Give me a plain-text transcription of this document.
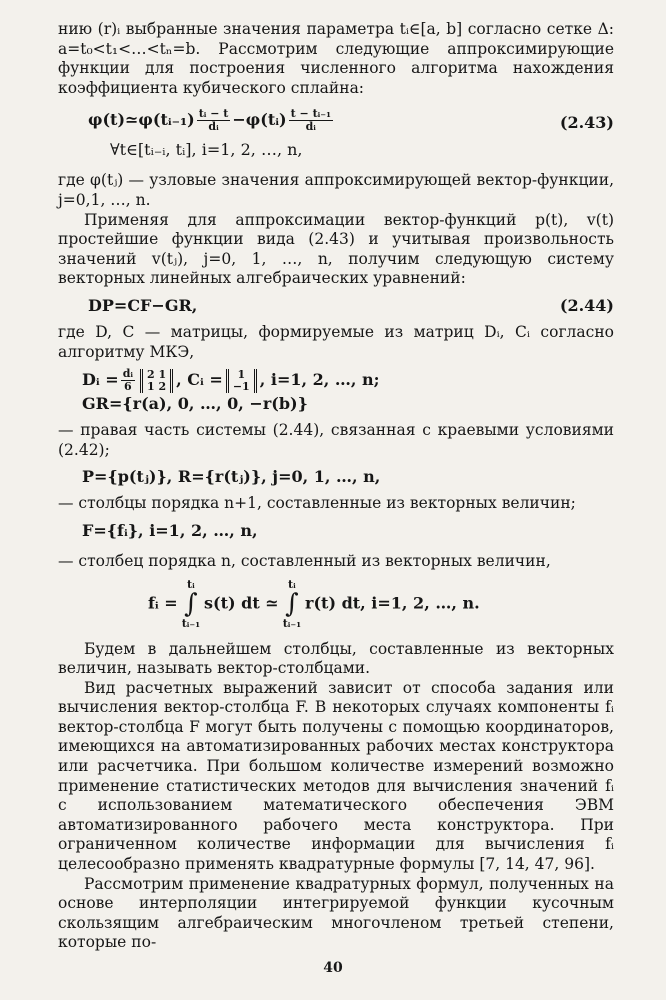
нию (r)ᵢ выбранные значения параметра tᵢ∈[a, b] согласно сетке Δ: a=t₀<t₁<…<tₙ=b. Рассмотрим следующие аппроксимирующие функции для построения численного алгоритма нахождения коэффициента кубического сплайна:

φ(t)≃φ(tᵢ₋₁) $\frac{\text{tᵢ − t}}{\text{dᵢ}}$ −φ(tᵢ) $\frac{\text{t − tᵢ₋₁}}{\text{dᵢ}}$	(2.43)
∀t∈[tᵢ₋ᵢ, tᵢ], i=1, 2, …, n,

где φ(tⱼ) — узловые значения аппроксимирующей вектор-функции, j=0,1, …, n.

Применяя для аппроксимации вектор-функций p(t), v(t) простейшие функции вида (2.43) и учитывая произвольность значений v(tⱼ), j=0, 1, …, n, получим следующую систему векторных линейных алгебраических уравнений:

DP=CF−GR,	(2.44)

где D, C — матрицы, формируемые из матриц Dᵢ, Cᵢ согласно алгоритму МКЭ,

Dᵢ = $\frac{\text{dᵢ}}{6} 2$ 1
1 2 , Cᵢ =	1
−1 , i=1, 2, …, n;
GR={r(a), 0, …, 0, −r(b)}

— правая часть системы (2.44), связанная с краевыми условиями (2.42);

P={p(tⱼ)}, R={r(tⱼ)}, j=0, 1, …, n,

— столбцы порядка n+1, составленные из векторных величин;

F={fᵢ}, i=1, 2, …, n,

— столбец порядка n, составленный из векторных величин,

fᵢ =tᵢ
∫
tᵢ₋₁s(t) dt ≃tᵢ
∫
tᵢ₋₁r(t) dt, i=1, 2, …, n.

Будем в дальнейшем столбцы, составленные из векторных величин, называть вектор-столбцами.

Вид расчетных выражений зависит от способа задания или вычисления вектор-столбца F. В некоторых случаях компоненты fᵢ вектор-столбца F могут быть получены с помощью координаторов, имеющихся на автоматизированных рабочих местах конструктора или расчетчика. При большом количестве измерений возможно применение статистических методов для вычисления значений fᵢ с использованием математического обеспечения ЭВМ автоматизированного рабочего места конструктора. При ограниченном количестве информации для вычисления fᵢ целесообразно применять квадратурные формулы [7, 14, 47, 96].

Рассмотрим применение квадратурных формул, полученных на основе интерполяции интегрируемой функции кусочным скользящим алгебраическим многочленом третьей степени, которые по-

40
